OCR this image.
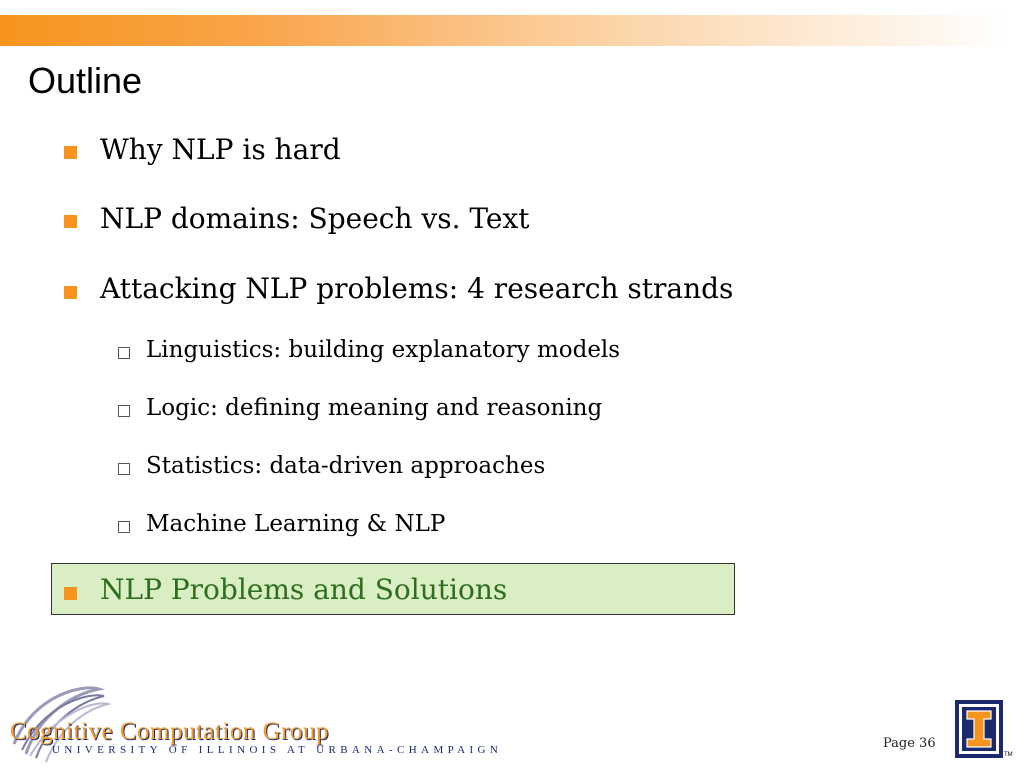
Outline
Why NLP is hard
NLP domains: Speech vs. Text
Attacking NLP problems: 4 research strands
Linguistics: building explanatory models
Logic: defining meaning and reasoning
Statistics: data-driven approaches
Machine Learning & NLP
NLP Problems and Solutions
Cognitive Computation Group
UNIVERSITY OF ILLINOIS AT URBANA-CHAMPAIGN	Page 36
TM
